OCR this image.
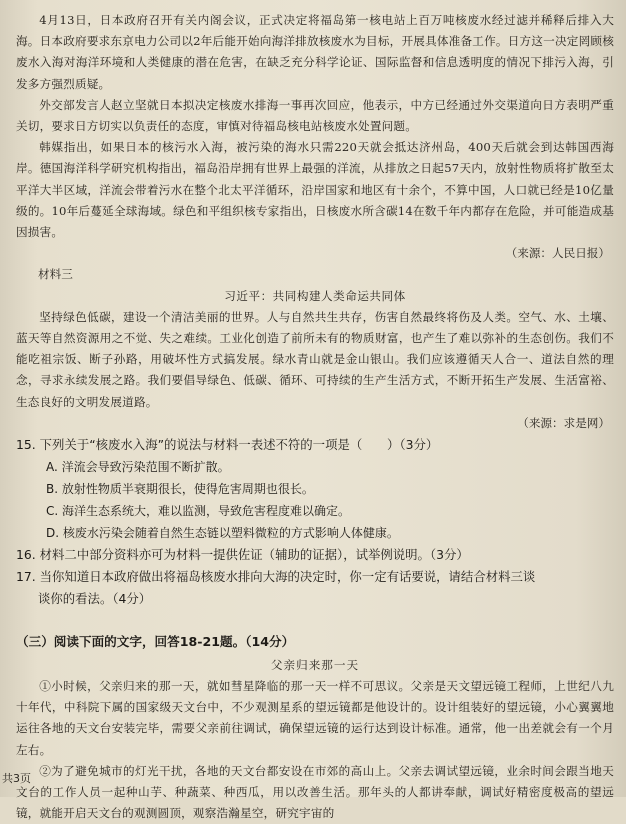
4月13日，日本政府召开有关内阁会议，正式决定将福岛第一核电站上百万吨核废水经过滤并稀释后排入大海。日本政府要求东京电力公司以2年后能开始向海洋排放核废水为目标，开展具体准备工作。日方这一决定罔顾核废水入海对海洋环境和人类健康的潜在危害，在缺乏充分科学论证、国际监督和信息透明度的情况下排污入海，引发多方强烈质疑。

外交部发言人赵立坚就日本拟决定核废水排海一事再次回应，他表示，中方已经通过外交渠道向日方表明严重关切，要求日方切实以负责任的态度，审慎对待福岛核电站核废水处置问题。

韩媒指出，如果日本的核污水入海，被污染的海水只需220天就会抵达济州岛，400天后就会到达韩国西海岸。德国海洋科学研究机构指出，福岛沿岸拥有世界上最强的洋流，从排放之日起57天内，放射性物质将扩散至太平洋大半区域，洋流会带着污水在整个北太平洋循环，沿岸国家和地区有十余个，不算中国，人口就已经是10亿量级的。10年后蔓延全球海域。绿色和平组织核专家指出，日核废水所含碳14在数千年内都存在危险，并可能造成基因损害。

（来源：人民日报）
材料三
习近平：共同构建人类命运共同体

坚持绿色低碳，建设一个清洁美丽的世界。人与自然共生共存，伤害自然最终将伤及人类。空气、水、土壤、蓝天等自然资源用之不觉、失之难续。工业化创造了前所未有的物质财富，也产生了难以弥补的生态创伤。我们不能吃祖宗饭、断子孙路，用破坏性方式搞发展。绿水青山就是金山银山。我们应该遵循天人合一、道法自然的理念，寻求永续发展之路。我们要倡导绿色、低碳、循环、可持续的生产生活方式，不断开拓生产发展、生活富裕、生态良好的文明发展道路。

（来源：求是网）
15. 下列关于“核废水入海”的说法与材料一表述不符的一项是（　　）（3分）
A. 洋流会导致污染范围不断扩散。
B. 放射性物质半衰期很长，使得危害周期也很长。
C. 海洋生态系统大，难以监测，导致危害程度难以确定。
D. 核废水污染会随着自然生态链以塑料微粒的方式影响人体健康。
16. 材料二中部分资料亦可为材料一提供佐证（辅助的证据），试举例说明。（3分）
17. 当你知道日本政府做出将福岛核废水排向大海的决定时，你一定有话要说，请结合材料三谈
谈你的看法。（4分）
（三）阅读下面的文字，回答18-21题。（14分）
父亲归来那一天

①小时候，父亲归来的那一天，就如彗星降临的那一天一样不可思议。父亲是天文望远镜工程师，上世纪八九十年代，中科院下属的国家级天文台中，不少观测星系的望远镜都是他设计的。设计组装好的望远镜，小心翼翼地运往各地的天文台安装完毕，需要父亲前往调试，确保望远镜的运行达到设计标准。通常，他一出差就会有一个月左右。

②为了避免城市的灯光干扰，各地的天文台都安设在市郊的高山上。父亲去调试望远镜，业余时间会跟当地天文台的工作人员一起种山芋、种蔬菜、种西瓜，用以改善生活。那年头的人都讲奉献，调试好精密度极高的望远镜，就能开启天文台的观测圆顶，观察浩瀚星空，研究宇宙的

共3页
